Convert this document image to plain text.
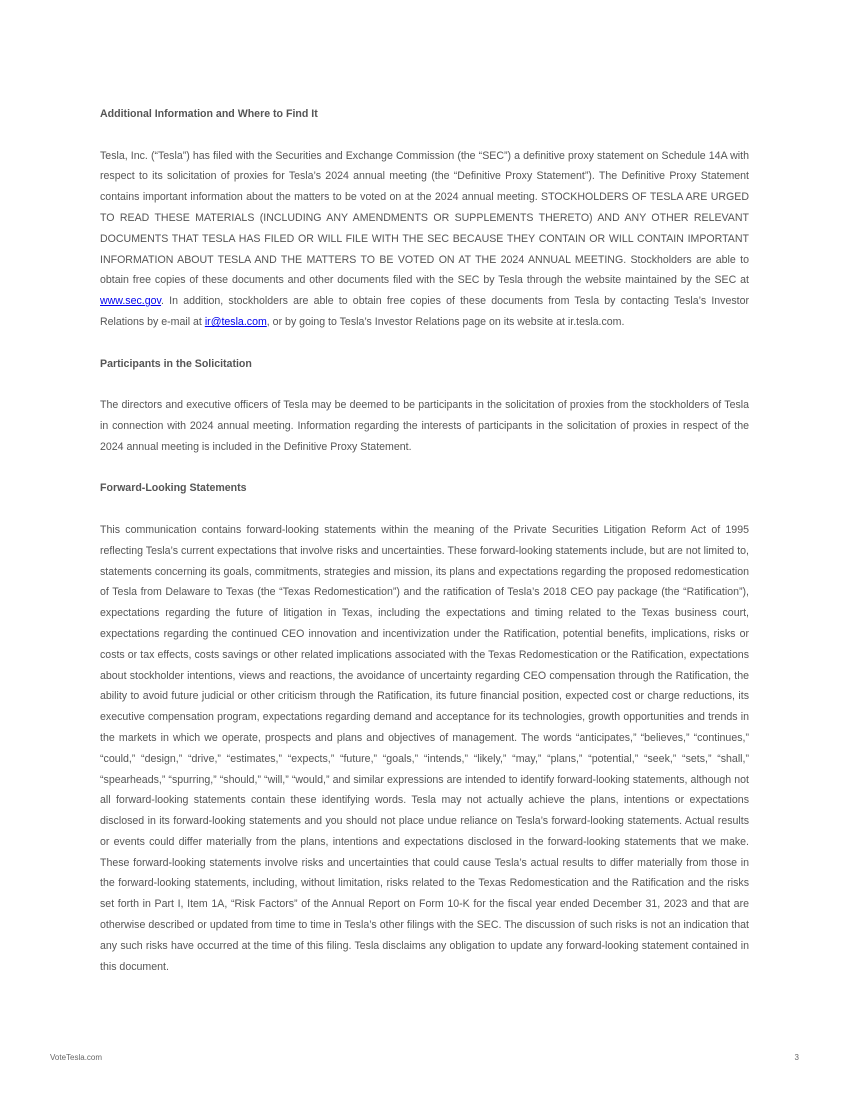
Additional Information and Where to Find It

Tesla, Inc. (“Tesla”) has filed with the Securities and Exchange Commission (the “SEC”) a definitive proxy statement on Schedule 14A with respect to its solicitation of proxies for Tesla’s 2024 annual meeting (the “Definitive Proxy Statement”). The Definitive Proxy Statement contains important information about the matters to be voted on at the 2024 annual meeting. STOCKHOLDERS OF TESLA ARE URGED TO READ THESE MATERIALS (INCLUDING ANY AMENDMENTS OR SUPPLEMENTS THERETO) AND ANY OTHER RELEVANT DOCUMENTS THAT TESLA HAS FILED OR WILL FILE WITH THE SEC BECAUSE THEY CONTAIN OR WILL CONTAIN IMPORTANT INFORMATION ABOUT TESLA AND THE MATTERS TO BE VOTED ON AT THE 2024 ANNUAL MEETING. Stockholders are able to obtain free copies of these documents and other documents filed with the SEC by Tesla through the website maintained by the SEC at www.sec.gov. In addition, stockholders are able to obtain free copies of these documents from Tesla by contacting Tesla’s Investor Relations by e-mail at ir@tesla.com, or by going to Tesla’s Investor Relations page on its website at ir.tesla.com.

Participants in the Solicitation

The directors and executive officers of Tesla may be deemed to be participants in the solicitation of proxies from the stockholders of Tesla in connection with 2024 annual meeting. Information regarding the interests of participants in the solicitation of proxies in respect of the 2024 annual meeting is included in the Definitive Proxy Statement.

Forward-Looking Statements

This communication contains forward-looking statements within the meaning of the Private Securities Litigation Reform Act of 1995 reflecting Tesla’s current expectations that involve risks and uncertainties. These forward-looking statements include, but are not limited to, statements concerning its goals, commitments, strategies and mission, its plans and expectations regarding the proposed redomestication of Tesla from Delaware to Texas (the “Texas Redomestication”) and the ratification of Tesla’s 2018 CEO pay package (the “Ratification”), expectations regarding the future of litigation in Texas, including the expectations and timing related to the Texas business court, expectations regarding the continued CEO innovation and incentivization under the Ratification, potential benefits, implications, risks or costs or tax effects, costs savings or other related implications associated with the Texas Redomestication or the Ratification, expectations about stockholder intentions, views and reactions, the avoidance of uncertainty regarding CEO compensation through the Ratification, the ability to avoid future judicial or other criticism through the Ratification, its future financial position, expected cost or charge reductions, its executive compensation program, expectations regarding demand and acceptance for its technologies, growth opportunities and trends in the markets in which we operate, prospects and plans and objectives of management. The words “anticipates,” “believes,” “continues,” “could,” “design,” “drive,” “estimates,” “expects,” “future,” “goals,” “intends,” “likely,” “may,” “plans,” “potential,” “seek,” “sets,” “shall,” “spearheads,” “spurring,” “should,” “will,” “would,” and similar expressions are intended to identify forward-looking statements, although not all forward-looking statements contain these identifying words. Tesla may not actually achieve the plans, intentions or expectations disclosed in its forward-looking statements and you should not place undue reliance on Tesla’s forward-looking statements. Actual results or events could differ materially from the plans, intentions and expectations disclosed in the forward-looking statements that we make. These forward-looking statements involve risks and uncertainties that could cause Tesla’s actual results to differ materially from those in the forward-looking statements, including, without limitation, risks related to the Texas Redomestication and the Ratification and the risks set forth in Part I, Item 1A, “Risk Factors” of the Annual Report on Form 10-K for the fiscal year ended December 31, 2023 and that are otherwise described or updated from time to time in Tesla’s other filings with the SEC. The discussion of such risks is not an indication that any such risks have occurred at the time of this filing. Tesla disclaims any obligation to update any forward-looking statement contained in this document.

VoteTesla.com	3
